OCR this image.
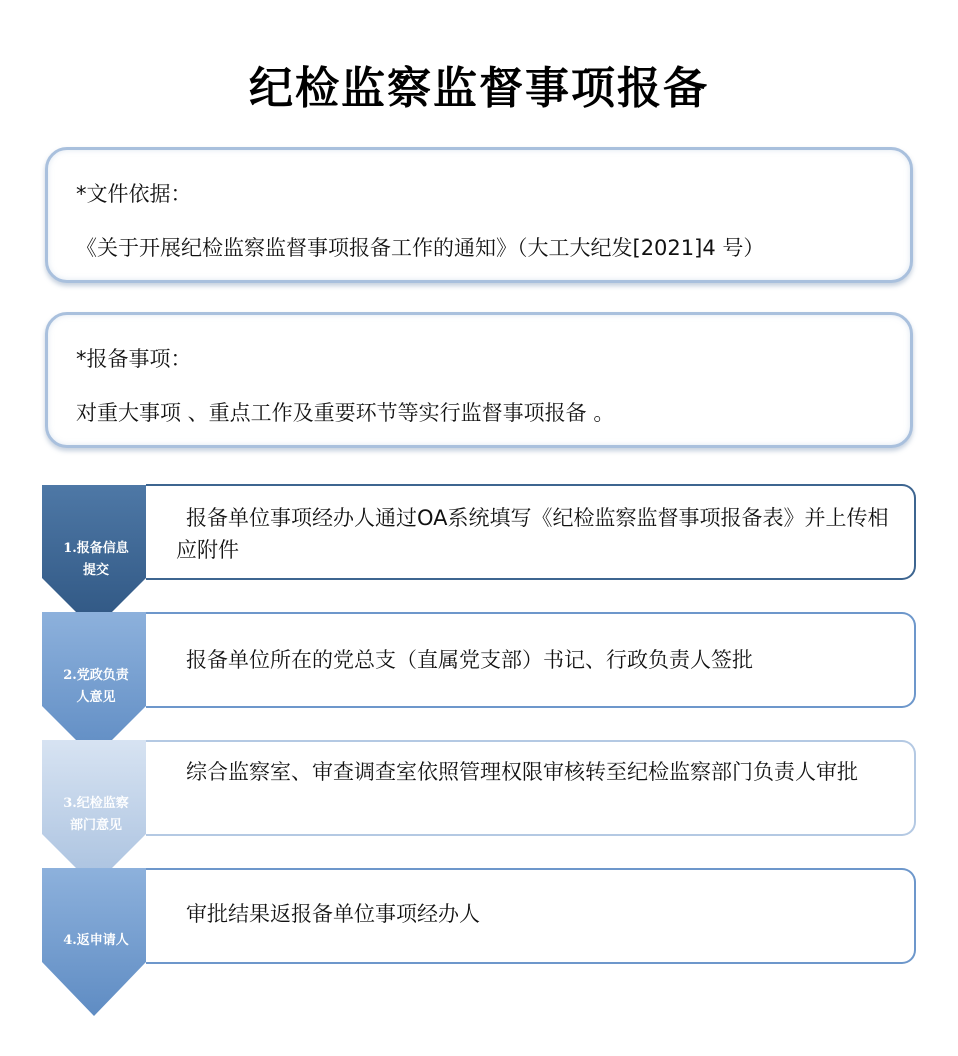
纪检监察监督事项报备
*文件依据：
《关于开展纪检监察监督事项报备工作的通知》（大工大纪发[2021]4 号）
*报备事项：
对重大事项 、重点工作及重要环节等实行监督事项报备 。
报备单位事项经办人通过OA系统填写《纪检监察监督事项报备表》并上传相应附件
1.报备信息
提交
报备单位所在的党总支（直属党支部）书记、行政负责人签批
2.党政负责
人意见
综合监察室、审查调查室依照管理权限审核转至纪检监察部门负责人审批
3.纪检监察
部门意见
审批结果返报备单位事项经办人
4.返申请人
